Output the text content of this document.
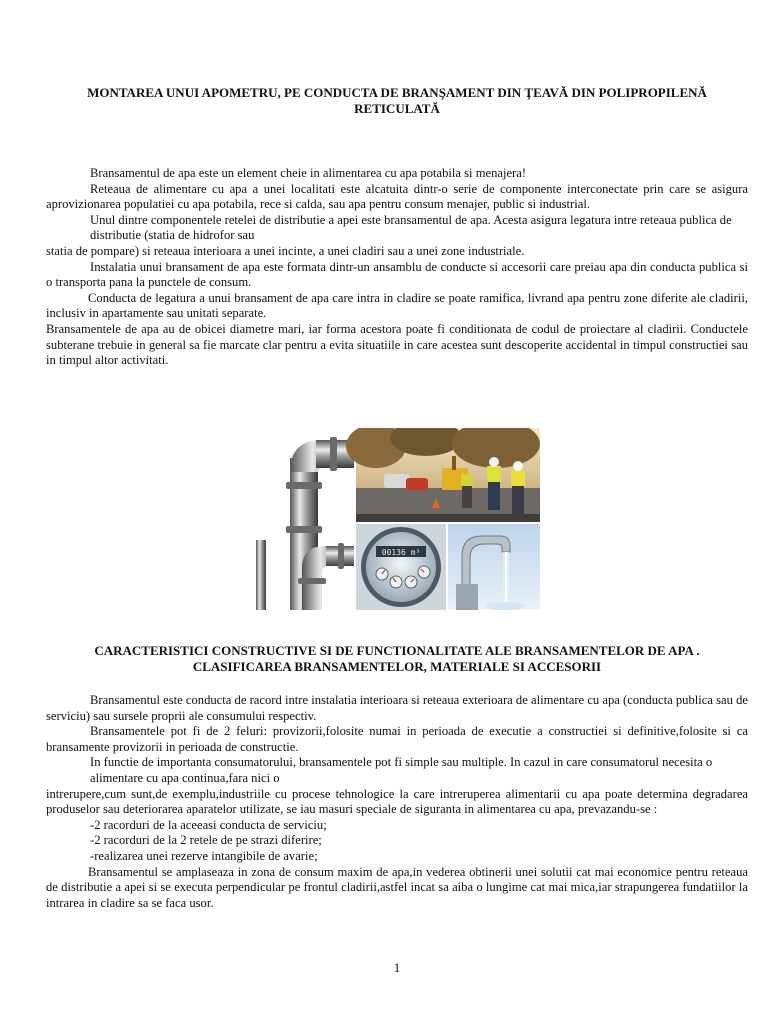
MONTAREA UNUI APOMETRU, PE CONDUCTA DE BRANŞAMENT DIN ŢEAVĂ DIN POLIPROPILENĂ RETICULATĂ

Bransamentul de apa este un element cheie in alimentarea cu apa potabila si menajera!

Reteaua de alimentare cu apa a unei localitati este alcatuita dintr-o serie de componente interconectate prin care se asigura aprovizionarea populatiei cu apa potabila, rece si calda, sau apa pentru consum menajer, public si industrial.

Unul dintre componentele retelei de distributie a apei este bransamentul de apa. Acesta asigura legatura intre reteaua publica de distributie (statia de hidrofor sau

statia de pompare) si reteaua interioara a unei incinte, a unei cladiri sau a unei zone industriale.

Instalatia unui bransament de apa este formata dintr-un ansamblu de conducte si accesorii care preiau apa din conducta publica si o transporta pana la punctele de consum.

Conducta de legatura a unui bransament de apa care intra in cladire se poate ramifica, livrand apa pentru zone diferite ale cladirii, inclusiv in apartamente sau unitati separate.

Bransamentele de apa au de obicei diametre mari, iar forma acestora poate fi conditionata de codul de proiectare al cladirii. Conductele subterane trebuie in general sa fie marcate clar pentru a evita situatiile in care acestea sunt descoperite accidental in timpul constructiei sau in timpul altor activitati.

00136 m³
CARACTERISTICI CONSTRUCTIVE SI DE FUNCTIONALITATE ALE BRANSAMENTELOR DE APA . CLASIFICAREA BRANSAMENTELOR, MATERIALE SI ACCESORII

Bransamentul este conducta de racord intre instalatia interioara si reteaua exterioara de alimentare cu apa (conducta publica sau de serviciu) sau sursele proprii ale consumului respectiv.

Bransamentele pot fi de 2 feluri: provizorii,folosite numai in perioada de executie a constructiei si definitive,folosite si ca bransamente provizorii in perioada de constructie.

In functie de importanta consumatorului, bransamentele pot fi simple sau multiple. In cazul in care consumatorul necesita o alimentare cu apa continua,fara nici o

intrerupere,cum sunt,de exemplu,industriile cu procese tehnologice la care intreruperea alimentarii cu apa poate determina degradarea produselor sau deteriorarea aparatelor utilizate, se iau masuri speciale de siguranta in alimentarea cu apa, prevazandu-se :

-2 racorduri de la aceeasi conducta de serviciu;

-2 racorduri de la 2 retele de pe strazi diferire;

-realizarea unei rezerve intangibile de avarie;

Bransamentul se amplaseaza in zona de consum maxim de apa,in vederea obtinerii unei solutii cat mai economice pentru reteaua de distributie a apei si se executa perpendicular pe frontul cladirii,astfel incat sa aiba o lungime cat mai mica,iar strapungerea fundatiilor la intrarea in cladire sa se faca usor.

1
